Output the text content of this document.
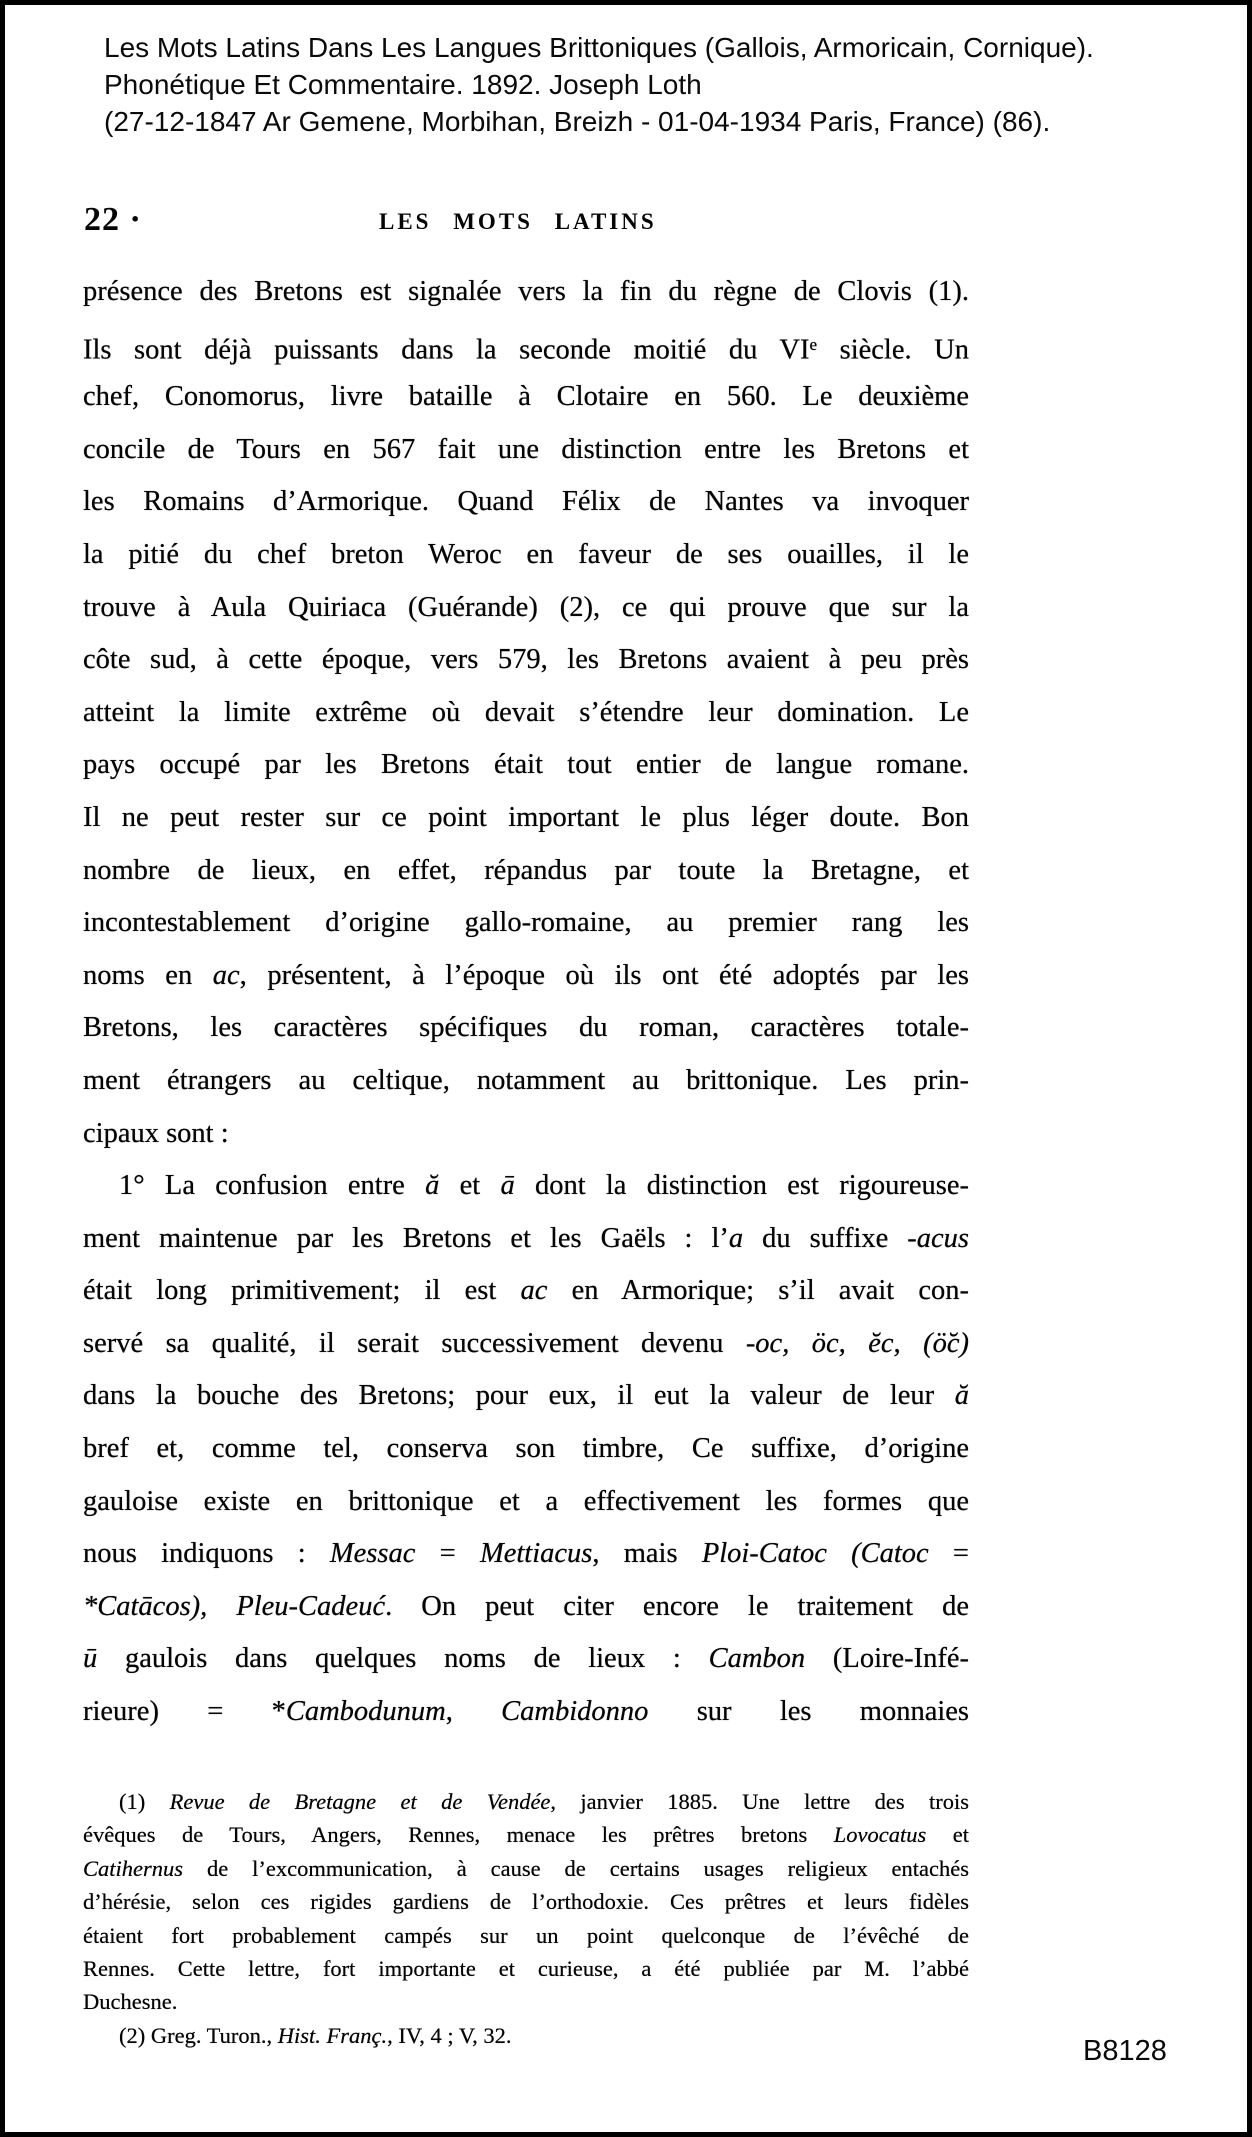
Les Mots Latins Dans Les Langues Brittoniques (Gallois, Armoricain, Cornique).
Phonétique Et Commentaire. 1892. Joseph Loth
(27-12-1847 Ar Gemene, Morbihan, Breizh - 01-04-1934 Paris, France) (86).
22 ·	LES MOTS LATINS
présence des Bretons est signalée vers la fin du règne de Clovis (1).
Ils sont déjà puissants dans la seconde moitié du VIe siècle. Un
chef, Conomorus, livre bataille à Clotaire en 560. Le deuxième
concile de Tours en 567 fait une distinction entre les Bretons et
les Romains d’Armorique. Quand Félix de Nantes va invoquer
la pitié du chef breton Weroc en faveur de ses ouailles, il le
trouve à Aula Quiriaca (Guérande) (2), ce qui prouve que sur la
côte sud, à cette époque, vers 579, les Bretons avaient à peu près
atteint la limite extrême où devait s’étendre leur domination. Le
pays occupé par les Bretons était tout entier de langue romane.
Il ne peut rester sur ce point important le plus léger doute. Bon
nombre de lieux, en effet, répandus par toute la Bretagne, et
incontestablement d’origine gallo-romaine, au premier rang les
noms en ac, présentent, à l’époque où ils ont été adoptés par les
Bretons, les caractères spécifiques du roman, caractères totale-
ment étrangers au celtique, notamment au brittonique. Les prin-
cipaux sont :
1° La confusion entre ă et ā dont la distinction est rigoureuse-
ment maintenue par les Bretons et les Gaëls : l’a du suffixe -acus
était long primitivement; il est ac en Armorique; s’il avait con-
servé sa qualité, il serait successivement devenu -oc, öc, ĕc, (ö̆c)
dans la bouche des Bretons; pour eux, il eut la valeur de leur ă
bref et, comme tel, conserva son timbre, Ce suffixe, d’origine
gauloise existe en brittonique et a effectivement les formes que
nous indiquons : Messac = Mettiacus, mais Ploi-Catoc (Catoc =
*Catācos), Pleu-Cadeuć. On peut citer encore le traitement de
ū gaulois dans quelques noms de lieux : Cambon (Loire-Infé-
rieure) = *Cambodunum, Cambidonno sur les monnaies
(1) Revue de Bretagne et de Vendée, janvier 1885. Une lettre des trois
évêques de Tours, Angers, Rennes, menace les prêtres bretons Lovocatus et
Catihernus de l’excommunication, à cause de certains usages religieux entachés
d’hérésie, selon ces rigides gardiens de l’orthodoxie. Ces prêtres et leurs fidèles
étaient fort probablement campés sur un point quelconque de l’évêché de
Rennes. Cette lettre, fort importante et curieuse, a été publiée par M. l’abbé
Duchesne.
(2) Greg. Turon., Hist. Franç., IV, 4 ; V, 32.	B8128
